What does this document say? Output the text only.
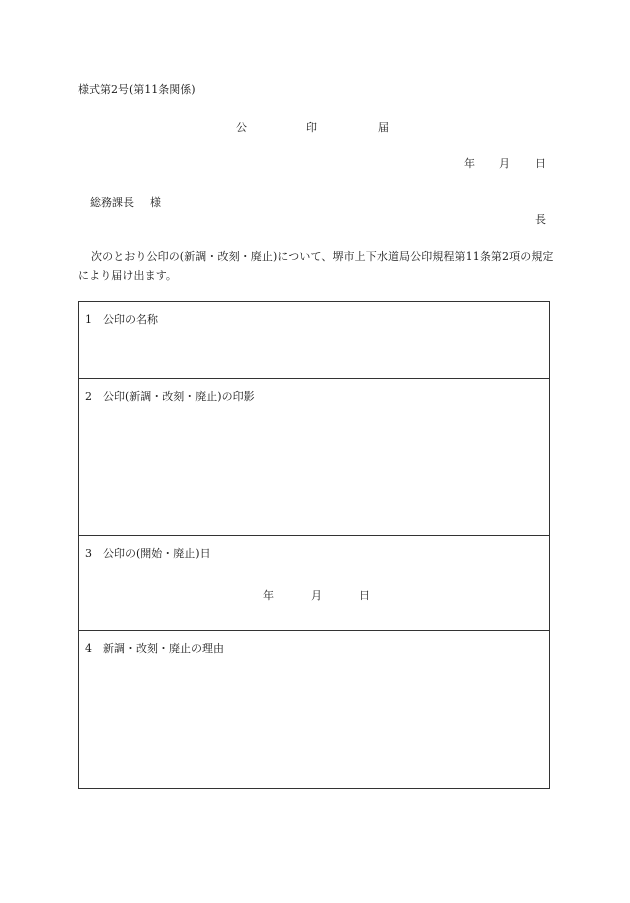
様式第2号(第11条関係)
公	印	届
年 月 日
総務課長 様
長
次のとおり公印の(新調・改刻・廃止)について、堺市上下水道局公印規程第11条第2項の規定により届け出ます。
1 公印の名称
2 公印(新調・改刻・廃止)の印影
3 公印の(開始・廃止)日
年	月	日
4 新調・改刻・廃止の理由
